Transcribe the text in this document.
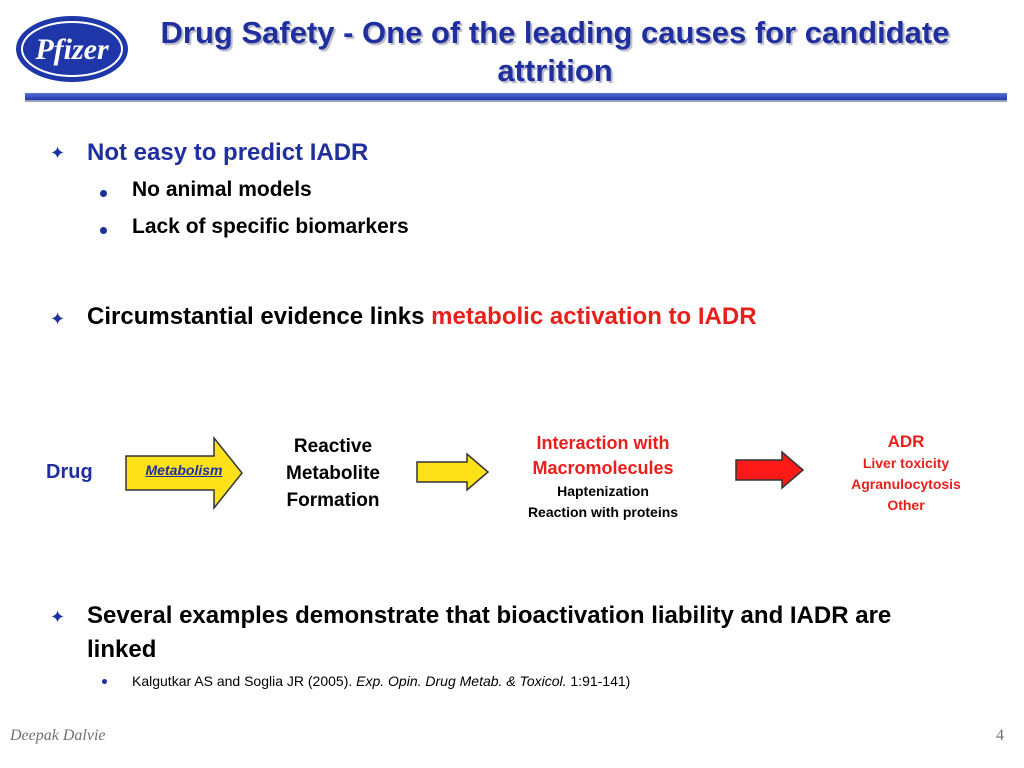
Pfizer	Drug Safety - One of the leading causes for candidate attrition
✦ Not easy to predict IADR
No animal models
Lack of specific biomarkers
✦ Circumstantial evidence links metabolic activation to IADR
Drug	Metabolism
Reactive
Metabolite
Formation
Interaction with
Macromolecules
Haptenization
Reaction with proteins
ADR
Liver toxicity
Agranulocytosis
Other
✦ Several examples demonstrate that bioactivation liability and IADR are linked
Kalgutkar AS and Soglia JR (2005). Exp. Opin. Drug Metab. & Toxicol. 1:91-141)
Deepak Dalvie	4
